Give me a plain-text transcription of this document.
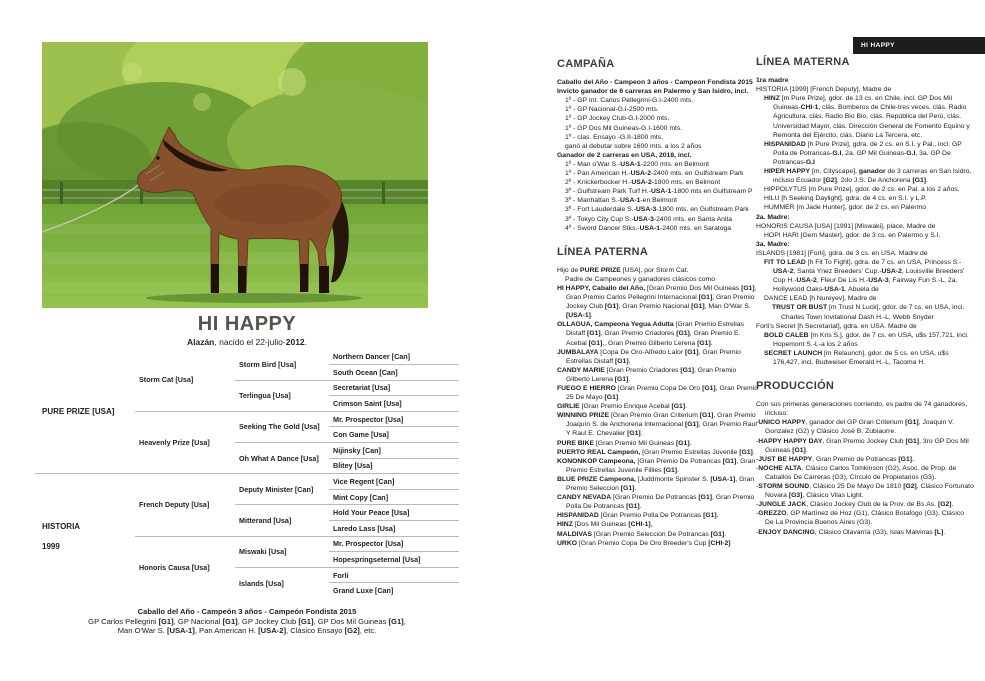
HI HAPPY
Alazán, nacido el 22-julio-2012.
PURE PRIZE [USA]	Storm Cat [Usa]	Storm Bird [Usa]	Northern Dancer [Can]
			South Ocean [Can]
		Terlingua [Usa]	Secretariat [Usa]
			Crimson Saint [Usa]
	Heavenly Prize [Usa]	Seeking The Gold [Usa]	Mr. Prospector [Usa]
			Con Game [Usa]
		Oh What A Dance [Usa]	Nijinsky [Can]
			Blitey [Usa]

HISTORIA
1999	French Deputy [Usa]	Deputy Minister [Can]	Vice Regent [Can]
			Mint Copy [Can]
		Mitterand [Usa]	Hold Your Peace [Usa]
			Laredo Lass [Usa]
	Honoris Causa [Usa]	Miswaki [Usa]	Mr. Prospector [Usa]
			Hopespringseternal [Usa]
		Islands [Usa]	Forli
			Grand Luxe [Can]
Caballo del Año - Campeón 3 años - Campeón Fondista 2015
GP Carlos Pellegrini [G1], GP Nacional [G1], GP Jockey Club [G1], GP Dos Mil Guineas [G1],
Man O'War S. [USA-1], Pan American H. [USA-2], Clásico Ensayo [G2], etc.
CAMPAÑA
Caballo del Año - Campeon 3 años - Campeon Fondista 2015
Invicto ganador de 6 carreras en Palermo y San Isidro, incl.
1º - GP Int. Carlos Pellegrini-G.I-2400 mts.
1º - GP Nacional-G.I-2500 mts.
1º - GP Jockey Club-G.I-2000 mts.
1º - GP Dos Mil Guineas-G.I-1600 mts.
1º - clas. Ensayo -G.II-1800 mts.
ganó al debutar sobre 1600 mts. a los 2 años
Ganador de 2 carreras en USA, 2018, incl.
1º - Man o'War S.-USA-1-2200 mts. en Belmont
1º - Pan American H.-USA-2-2400 mts. en Gulfstream Park
2º - Knickerbocker H.-USA-2-1800 mts. en Belmont
3º - Gulfstream Park Turf H.-USA-1-1800 mts en Gulfstream P
3º - Manhattan S.-USA-1-en Belmont
3º - Fort Lauderdale S.-USA-3-1800 mts. en Gulfstream Park
3º - Tokyo City Cup S.-USA-3-2400 mts. en Santa Anita
4º - Sword Dancer Stks.-USA-1-2400 mts. en Saratoga
LÍNEA PATERNA
Hijo de PURE PRIZE [USA], por Storm Cat.
Padre de Campeones y ganadores clásicos como
HI HAPPY, Caballo del Año, [Gran Premio Dos Mil Guineas [G1], Gran Premio Carlos Pellegrini Internacional [G1], Gran Premio Jockey Club [G1], Gran Premio Nacional [G1], Man O'War S. [USA-1].
OLLAGUA, Campeona Yegua Adulta [Gran Premio Estrellas Distaff [G1], Gran Premio Criadores [G1], Gran Premio E. Acebal [G1],, Gran Premio Gilberto Lerena [G1].
JUMBALAYA [Copa De Oro-Alfredo Lalor [G1], Gran Premio Estrellas Distaff [G1].
CANDY MARIE [Gran Premio Criadores [G1], Gran Premio Gilberto Lerena [G1].
FUEGO E HIERRO [Gran Premio Copa De Oro [G1], Gran Premio 25 De Mayo [G1].
GIRLIE [Gran Premio Enrique Acebal [G1].
WINNING PRIZE [Gran Premio Gran Criterium [G1], Gran Premio Joaquín S. de Anchorena Internacional [G1], Gran Premio Raul Y Raul E. Chevalier [G1].
PURE BIKE [Gran Premio Mil Guineas [G1].
PUERTO REAL Campeón, [Gran Premio Estrellas Juvenile [G1].
KONONKOP Campeona, [Gran Premio De Potrancas [G1], Gran Premio Estrellas Juvenile Fillies [G1].
BLUE PRIZE Campeona, [Juddmonte Spinster S. [USA-1], Gran Premio Seleccion [G1].
CANDY NEVADA [Gran Premio De Potrancas [G1], Gran Premio Polla De Potrancas [G1].
HISPANIDAD [Gran Premio Polla De Potrancas [G1].
HINZ [Dos Mil Guineas [CHI-1],
MALDIVAS [Gran Premio Seleccion De Potrancas [G1].
URKO [Gran Premio Copa De Oro Breeder's Cup [CHI-2]
LÍNEA MATERNA
1ra madre
HISTORIA [1999] [French Deputy], Madre de
HINZ [m Pure Prize], gdor. de 13 cs. en Chile, incl. GP Dos Mil Guineas-CHI-1, clás. Bomberos de Chile-tres veces, clás. Radio Agricultura, clás. Radio Bio Bio, clás. República del Perú, clás. Universidad Mayor, clás. Dirección General de Fomento Equino y Remonta del Ejército, clás. Diario La Tercera, etc.
HISPANIDAD [h Pure Prize], gdra. de 2 cs. en S.I. y Pal., incl. GP Polla de Potrancas-G.I, 2a. GP Mil Guineas-G.I, 3a. GP De Potrancas-G.I
HIPER HAPPY [m. Cityscape], ganador de 3 carreras en San Isidro, incluso Ecuador [G2], 2do J.S. De Anchorena [G1].
HIPPOLYTUS [m Pure Prize], gdor. de 2 cs. en Pal. a los 2 años.
HILU [h Seeking Daylight], gdra. de 4 cs. en S.I. y L.P.
HUMMER [m Jade Hunter], gdor. de 2 cs. en Palermo
2a. Madre:
HONORIS CAUSA [USA] [1991] [Miswaki], place, Madre de
HOPI HARI [Gem Master], gdor. de 3 cs. en Palermo y S.I.
3a. Madre:
ISLANDS [1981] [Forli], gdra. de 3 cs. en USA. Madre de
FIT TO LEAD [h Fit To Fight], gdra. de 7 cs. en USA, Princess S.-USA-2, Santa Ynez Breeders' Cup.-USA-2, Louisville Breeders' Cup H.-USA-2, Fleur De Lis H.-USA-3, Fairway Fun S.-L, 2a. Hollywood Oaks-USA-1. Abuela de
DANCE LEAD [h Nureyev], Madre de
TRUST OR BUST [m Trust N Luck], gdor. de 7 cs. en USA, incl. Charles Town Invitational Dash H.-L, Webb Snyder
Forli's Secret [h Secretariat], gdra. en USA. Madre de
BOLD CALEB [m Kris S.], gdor. de 7 cs. en USA, u$s 157,721, incl. Hopemont S.-L-a los 2 años
SECRET LAUNCH [m Relaunch], gdor. de 5 cs. en USA, u$s 176,427, incl. Budweiser Emerald H.-L, Tacoma H.
PRODUCCIÓN
Con sus primeras generaciones corriendo, es padre de 74 ganadores, incluso:
-UNICO HAPPY, ganador del GP Gran Criterium [G1], Joaquin V. Gonzalez (G2) y Clásico José B. Zubiaurre.
-HAPPY HAPPY DAY, Gran Premio Jockey Club [G1], 3ro GP Dos Mil Guineas [G1].
-JUST BE HAPPY, Gran Premio de Potrancas [G1].
-NOCHE ALTA, Clásico Carlos Tomkinson (G2), Asoc. de Prop. de Caballos De Carreras (G3), Círculo de Propietarios (G3).
-STORM SOUND, Clásico 25 De Mayo De 1810 [G2], Clásico Fortunato Novara [G3], Clásico Vilas Light.
-JUNGLE JACK, Clásico Jockey Club de la Prov. de Bs.As. [G2].
-GREZZO, GP Martínez de Hoz (G1), Clásico Botafogo (G3), Clásico De La Provincia Buenos Aires (G3).
-ENJOY DANCING, Clásico Olavarría (G3), Islas Malvinas [L].
HI HAPPY
